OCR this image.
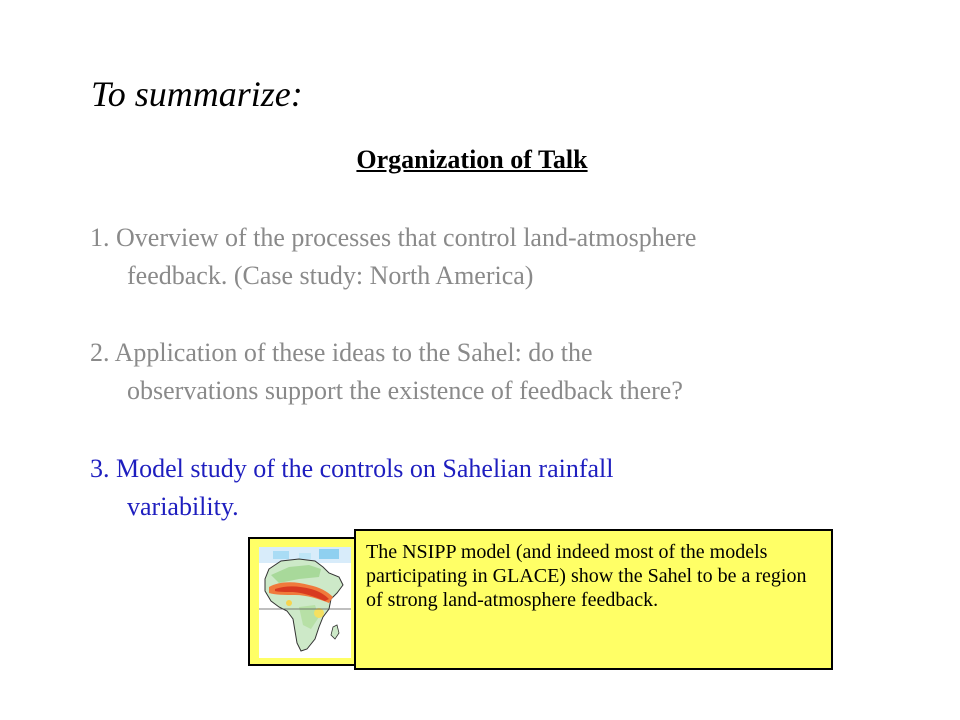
To summarize:
Organization of Talk

1. Overview of the processes that control land-atmosphere
feedback. (Case study: North America)

2. Application of these ideas to the Sahel: do the
observations support the existence of feedback there?

3. Model study of the controls on Sahelian rainfall
variability.

The NSIPP model (and indeed most of the models participating in GLACE) show the Sahel to be a region of strong land-atmosphere feedback.
